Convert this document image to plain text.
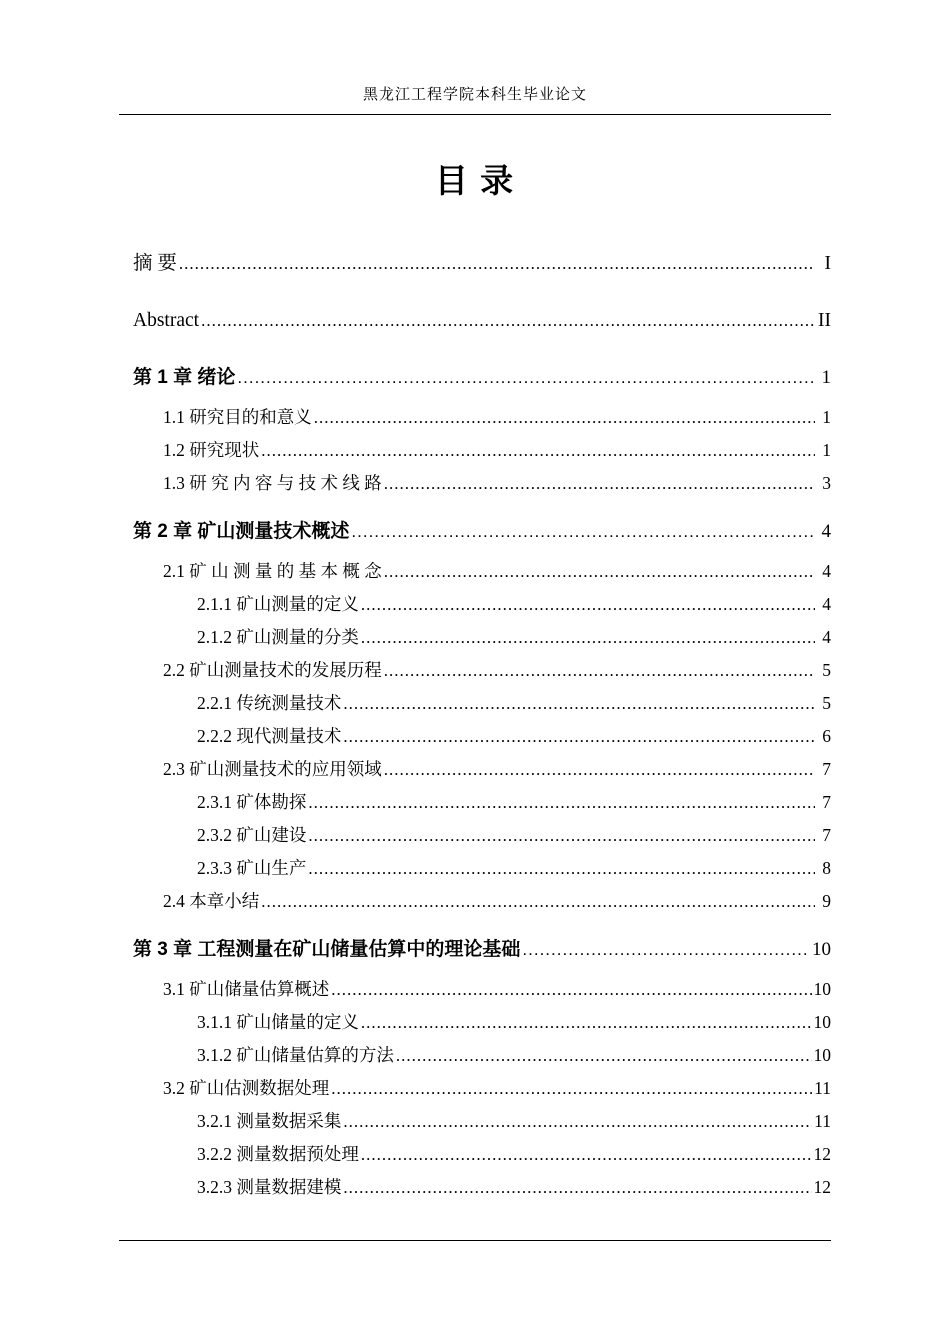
黑龙江工程学院本科生毕业论文
目 录
摘 要 .....	I
Abstract .....	II
第 1 章 绪论 .....	1
1.1 研究目的和意义 .....	1
1.2 研究现状 .....	1
1.3 研 究 内 容 与 技 术 线 路 .....	3
第 2 章 矿山测量技术概述 .....	4
2.1 矿 山 测 量 的 基 本 概 念 .....	4
2.1.1 矿山测量的定义 .....	4
2.1.2 矿山测量的分类 .....	4
2.2 矿山测量技术的发展历程 .....	5
2.2.1 传统测量技术 .....	5
2.2.2 现代测量技术 .....	6
2.3 矿山测量技术的应用领域 .....	7
2.3.1 矿体勘探 .....	7
2.3.2 矿山建设 .....	7
2.3.3 矿山生产 .....	8
2.4 本章小结 .....	9
第 3 章 工程测量在矿山储量估算中的理论基础 .....	10
3.1 矿山储量估算概述 .....	10
3.1.1 矿山储量的定义 .....	10
3.1.2 矿山储量估算的方法 .....	10
3.2 矿山估测数据处理 .....	11
3.2.1 测量数据采集 .....	11
3.2.2 测量数据预处理 .....	12
3.2.3 测量数据建模 .....	12
